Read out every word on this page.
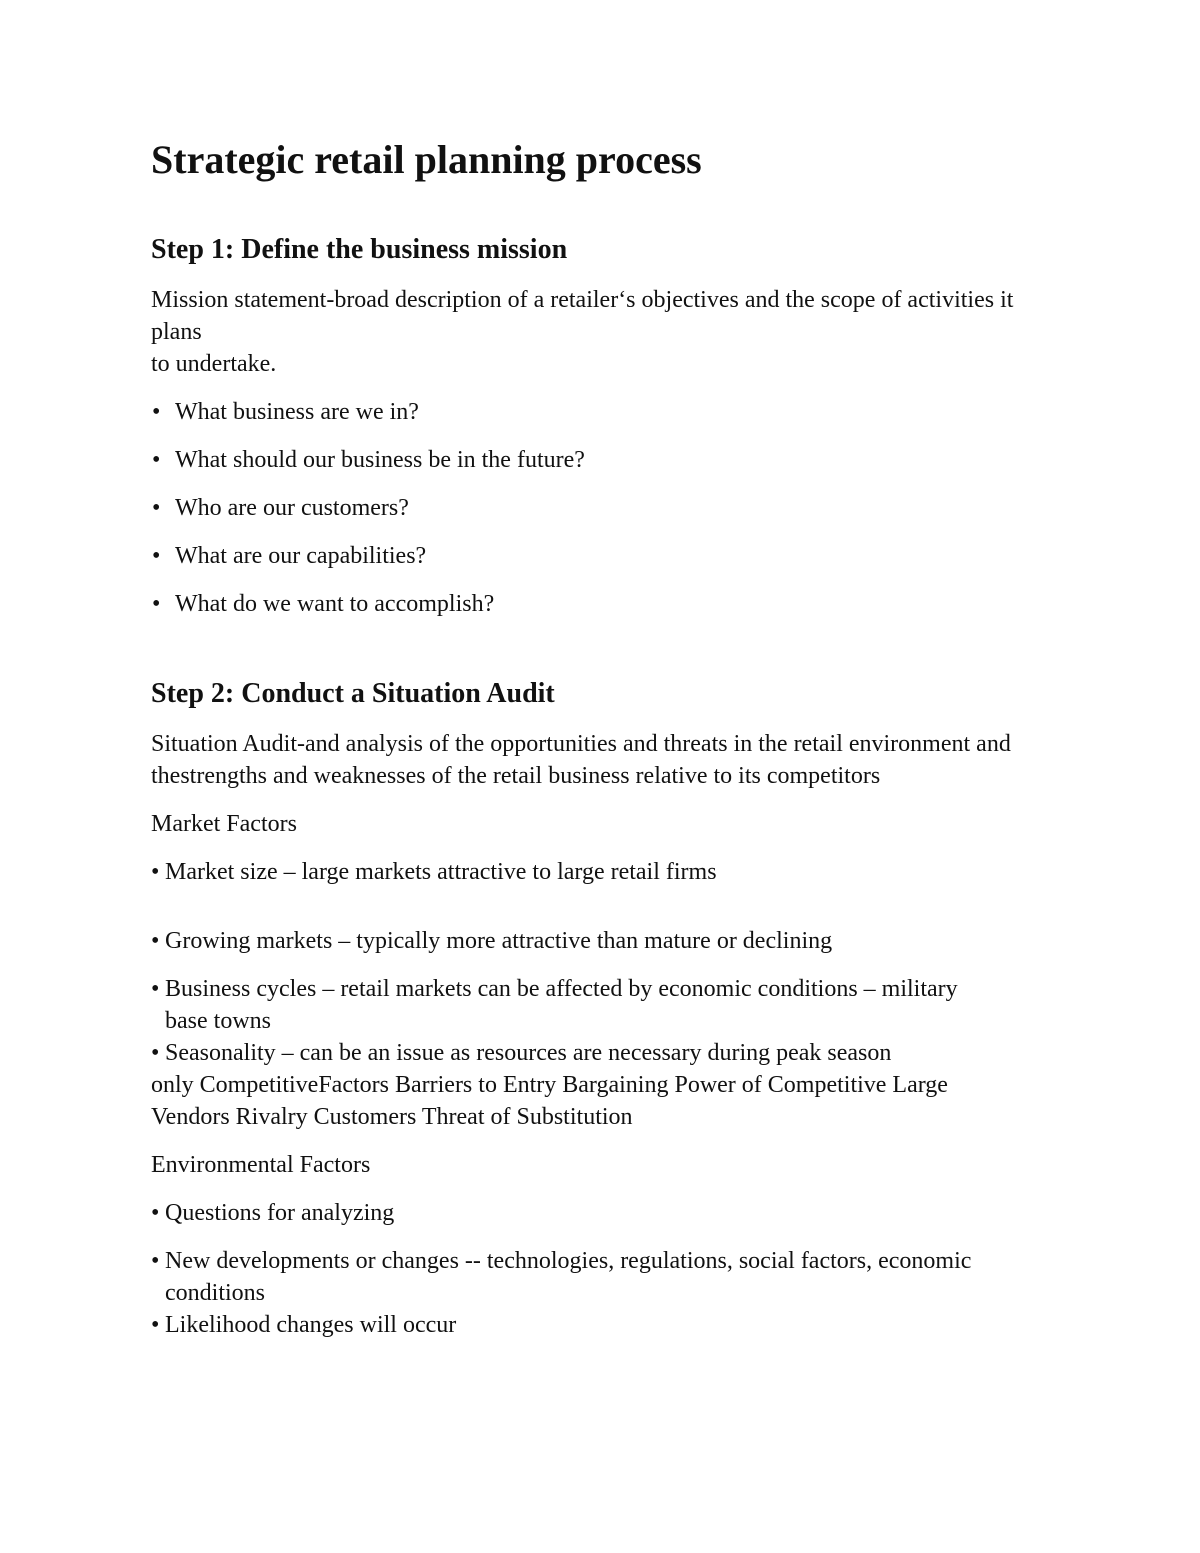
Strategic retail planning process
Step 1: Define the business mission

Mission statement-broad description of a retailer‘s objectives and the scope of activities it plans

to undertake.

• What business are we in?
• What should our business be in the future?
• Who are our customers?
• What are our capabilities?
• What do we want to accomplish?
Step 2: Conduct a Situation Audit

Situation Audit-and analysis of the opportunities and threats in the retail environment and thestrengths and weaknesses of the retail business relative to its competitors

Market Factors

• Market size – large markets attractive to large retail firms
• Growing markets – typically more attractive than mature or declining
• Business cycles – retail markets can be affected by economic conditions – military base towns
• Seasonality – can be an issue as resources are necessary during peak season

only CompetitiveFactors Barriers to Entry Bargaining Power of Competitive Large Vendors Rivalry Customers Threat of Substitution

Environmental Factors

• Questions for analyzing
• New developments or changes -- technologies, regulations, social factors, economic conditions
• Likelihood changes will occur
